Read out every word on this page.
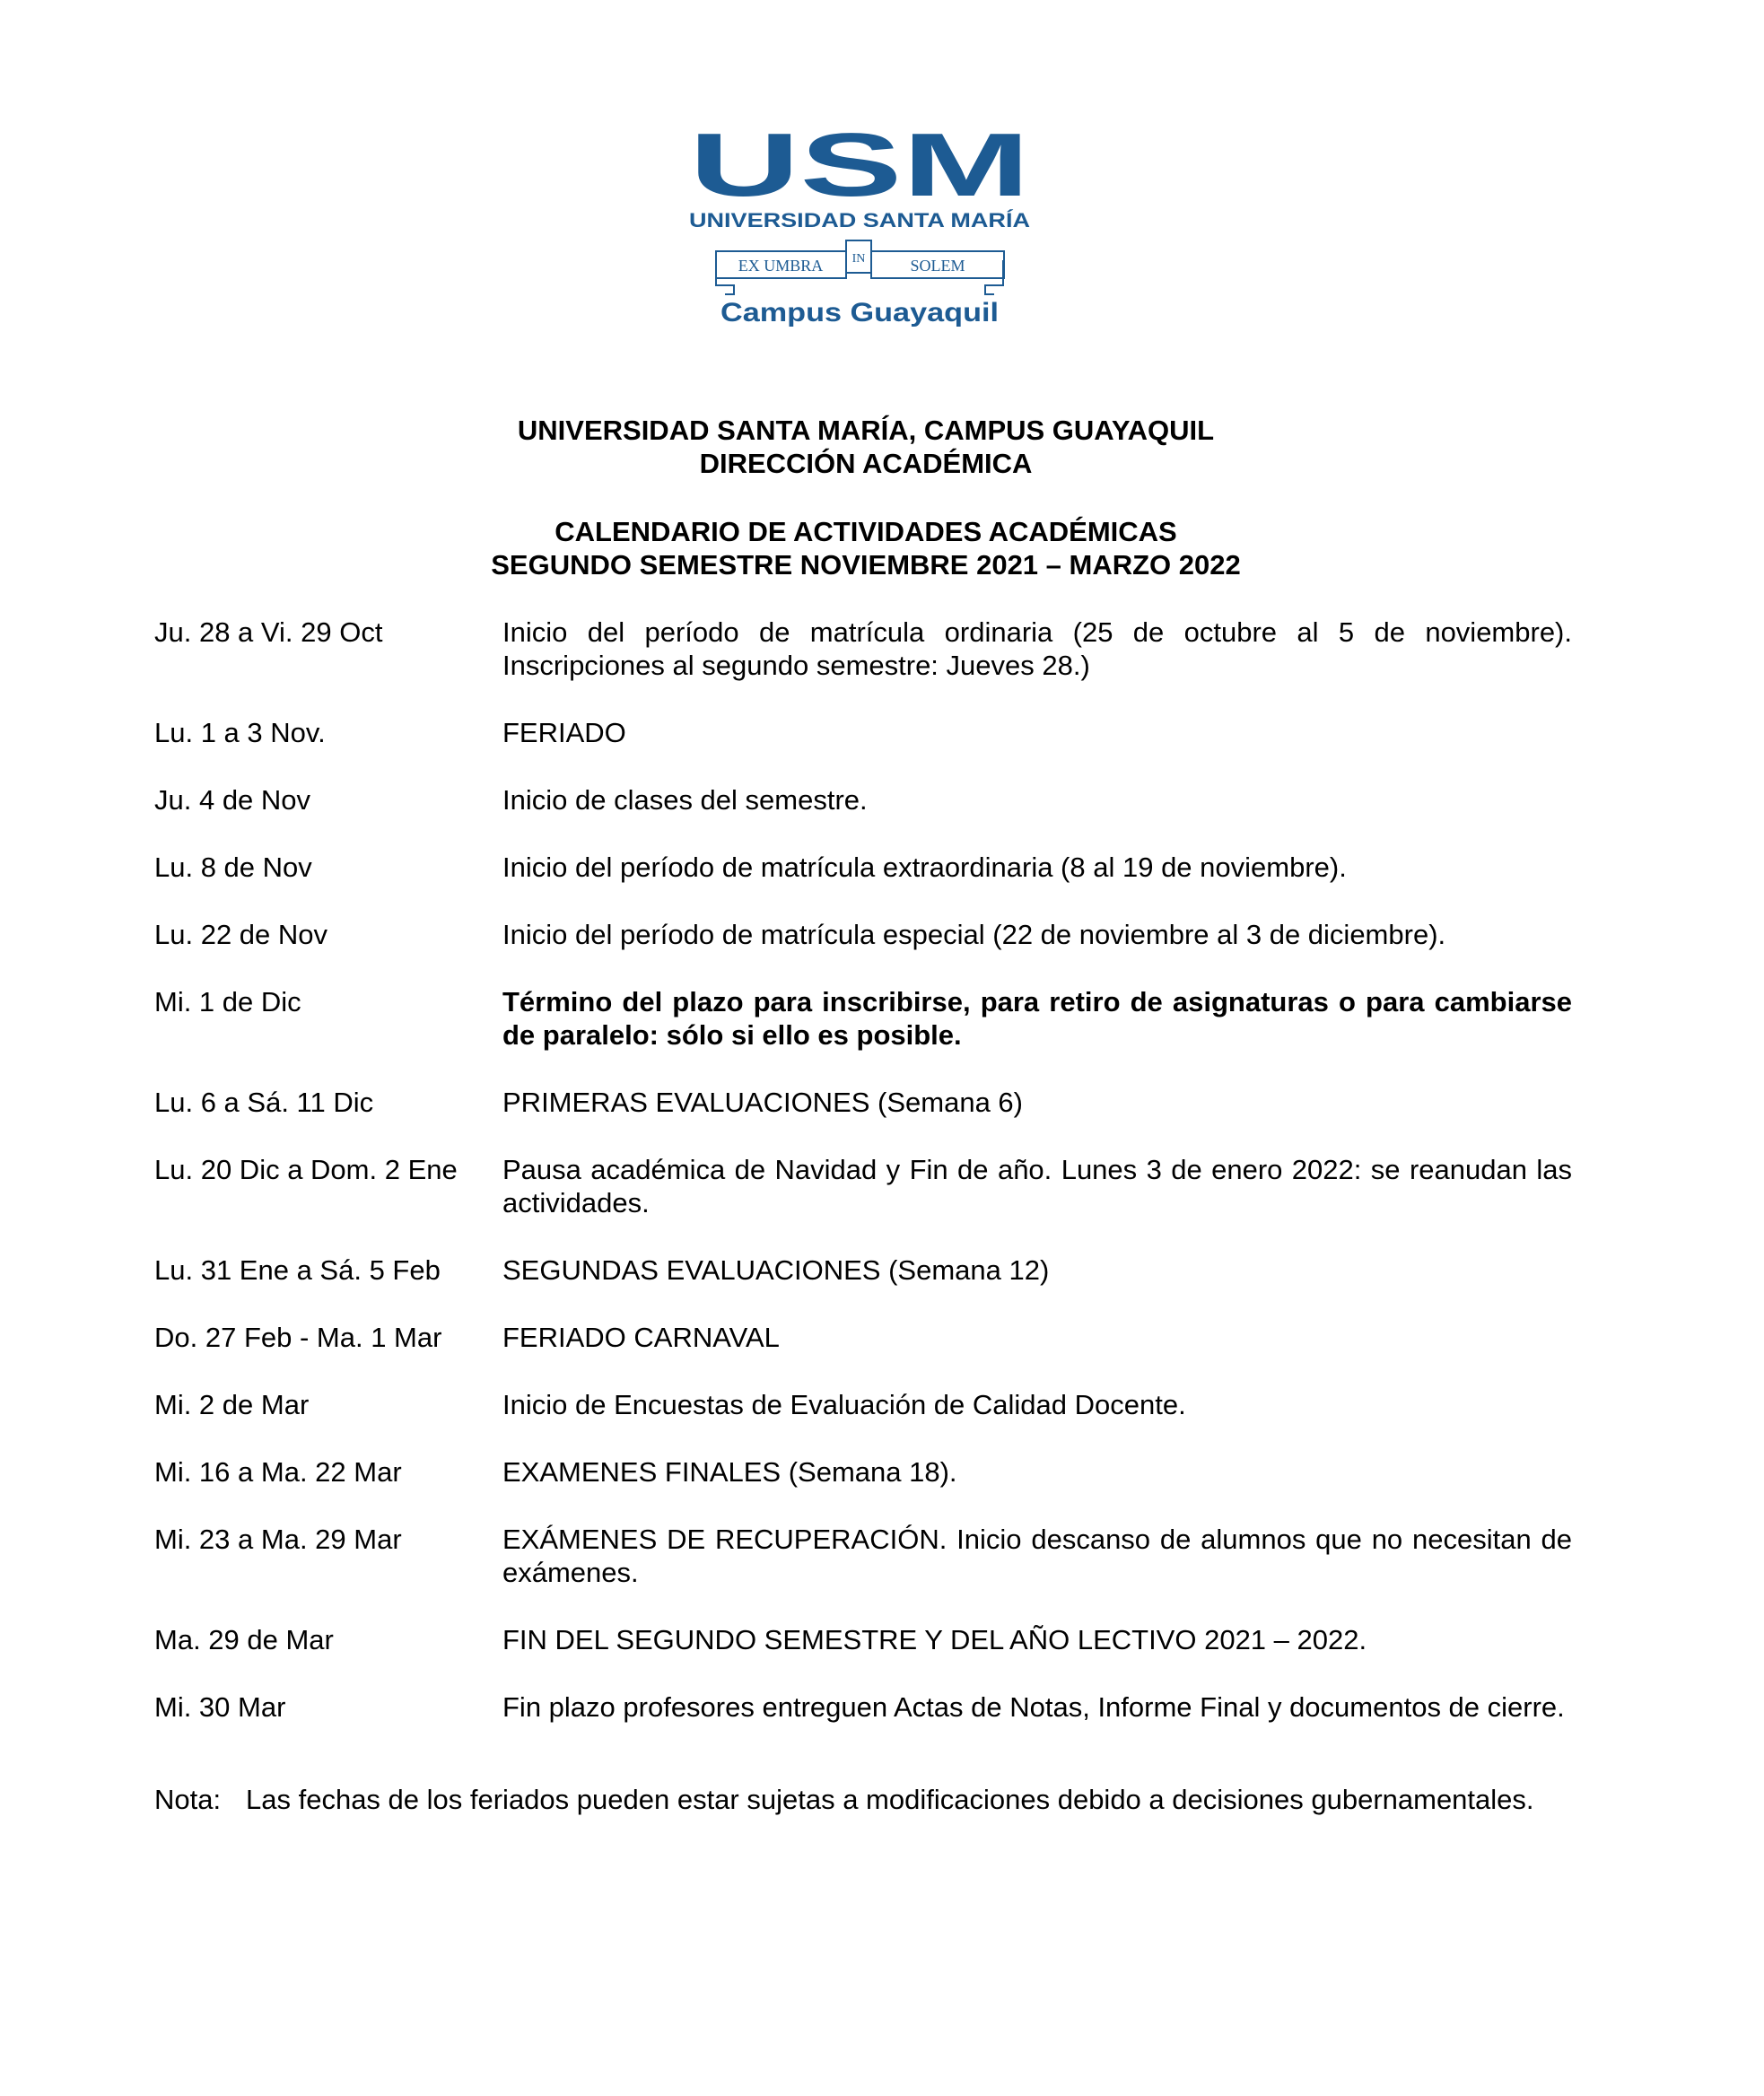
USM
UNIVERSIDAD SANTA MARÍA
EX UMBRA IN	SOLEM
Campus Guayaquil
UNIVERSIDAD SANTA MARÍA, CAMPUS GUAYAQUIL
DIRECCIÓN ACADÉMICA
CALENDARIO DE ACTIVIDADES ACADÉMICAS
SEGUNDO SEMESTRE NOVIEMBRE 2021 – MARZO 2022
Ju. 28 a Vi. 29 Oct	Inicio del período de matrícula ordinaria (25 de octubre al 5 de noviembre). Inscripciones al segundo semestre: Jueves 28.)
Lu. 1 a 3 Nov.	FERIADO
Ju. 4 de Nov	Inicio de clases del semestre.
Lu. 8 de Nov	Inicio del período de matrícula extraordinaria (8 al 19 de noviembre).
Lu. 22 de Nov	Inicio del período de matrícula especial (22 de noviembre al 3 de diciembre).
Mi. 1 de Dic	Término del plazo para inscribirse, para retiro de asignaturas o para cambiarse de paralelo: sólo si ello es posible.
Lu. 6 a Sá. 11 Dic	PRIMERAS EVALUACIONES (Semana 6)
Lu. 20 Dic a Dom. 2 Ene	Pausa académica de Navidad y Fin de año. Lunes 3 de enero 2022: se reanudan las actividades.
Lu. 31 Ene a Sá. 5 Feb	SEGUNDAS EVALUACIONES (Semana 12)
Do. 27 Feb - Ma. 1 Mar	FERIADO CARNAVAL
Mi. 2 de Mar	Inicio de Encuestas de Evaluación de Calidad Docente.
Mi. 16 a Ma. 22 Mar	EXAMENES FINALES (Semana 18).
Mi. 23 a Ma. 29 Mar	EXÁMENES DE RECUPERACIÓN. Inicio descanso de alumnos que no necesitan de exámenes.
Ma. 29 de Mar	FIN DEL SEGUNDO SEMESTRE Y DEL AÑO LECTIVO 2021 – 2022.
Mi. 30 Mar	Fin plazo profesores entreguen Actas de Notas, Informe Final y documentos de cierre.
Nota: Las fechas de los feriados pueden estar sujetas a modificaciones debido a decisiones gubernamentales.
